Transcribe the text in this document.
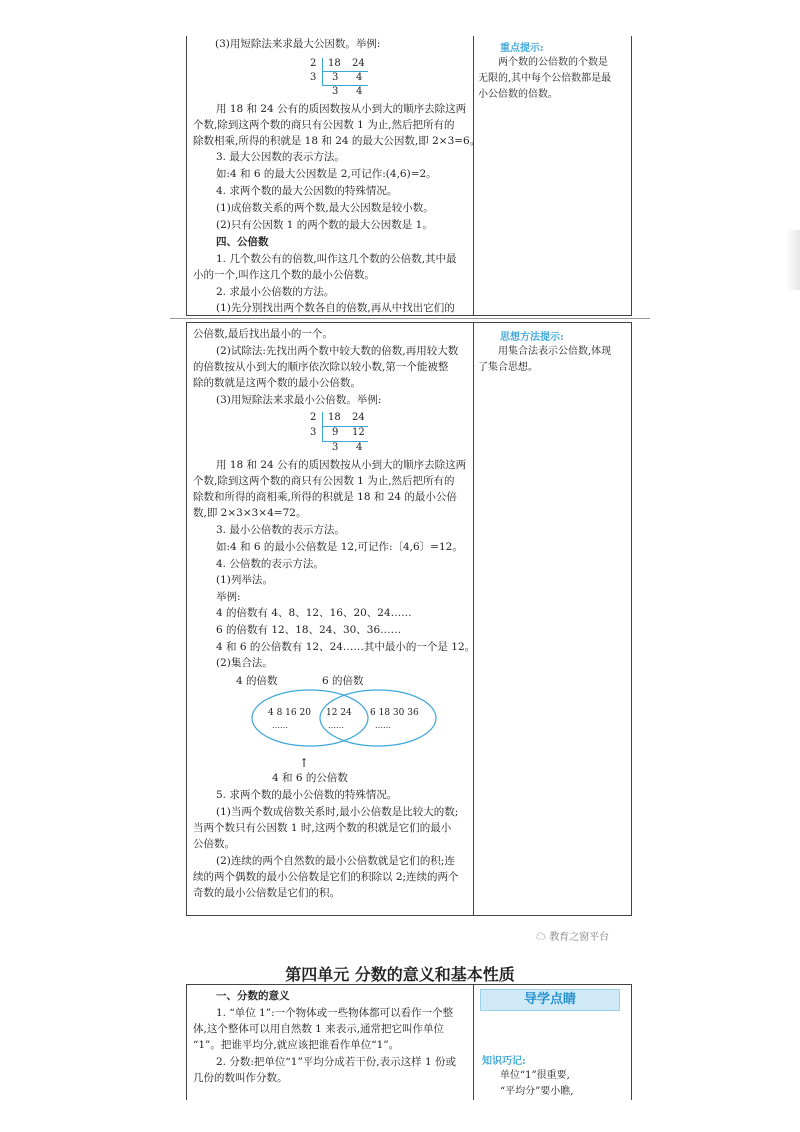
(3)用短除法来求最大公因数。举例:
2
3
18 24
3 4
3 4
用 18 和 24 公有的质因数按从小到大的顺序去除这两
个数,除到这两个数的商只有公因数 1 为止,然后把所有的
除数相乘,所得的积就是 18 和 24 的最大公因数,即 2×3=6。
3. 最大公因数的表示方法。
如:4 和 6 的最大公因数是 2,可记作:(4,6)=2。
4. 求两个数的最大公因数的特殊情况。
(1)成倍数关系的两个数,最大公因数是较小数。
(2)只有公因数 1 的两个数的最大公因数是 1。
四、公倍数
1. 几个数公有的倍数,叫作这几个数的公倍数,其中最
小的一个,叫作这几个数的最小公倍数。
2. 求最小公倍数的方法。
(1)先分别找出两个数各自的倍数,再从中找出它们的
重点提示:
两个数的公倍数的个数是
无限的,其中每个公倍数都是最
小公倍数的倍数。
公倍数,最后找出最小的一个。
(2)试除法:先找出两个数中较大数的倍数,再用较大数
的倍数按从小到大的顺序依次除以较小数,第一个能被整
除的数就是这两个数的最小公倍数。
(3)用短除法来求最小公倍数。举例:
2
3
18 24
9 12
3 4
用 18 和 24 公有的质因数按从小到大的顺序去除这两
个数,除到这两个数的商只有公因数 1 为止,然后把所有的
除数和所得的商相乘,所得的积就是 18 和 24 的最小公倍
数,即 2×3×3×4=72。
3. 最小公倍数的表示方法。
如:4 和 6 的最小公倍数是 12,可记作:〔4,6〕=12。
4. 公倍数的表示方法。
(1)列举法。
举例:
4 的倍数有 4、8、12、16、20、24……
6 的倍数有 12、18、24、30、36……
4 和 6 的公倍数有 12、24……其中最小的一个是 12。
(2)集合法。
4 的倍数	6 的倍数
4 8 16 20
……
12 24
……
6 18 30 36
……
↑
4 和 6 的公倍数
5. 求两个数的最小公倍数的特殊情况。
(1)当两个数成倍数关系时,最小公倍数是比较大的数;
当两个数只有公因数 1 时,这两个数的积就是它们的最小
公倍数。
(2)连续的两个自然数的最小公倍数就是它们的积;连
续的两个偶数的最小公倍数是它们的积除以 2;连续的两个
奇数的最小公倍数是它们的积。
思想方法提示:
用集合法表示公倍数,体现
了集合思想。
☁ 教育之窗平台
第四单元 分数的意义和基本性质
一、分数的意义
1. “单位 1”:一个物体或一些物体都可以看作一个整
体,这个整体可以用自然数 1 来表示,通常把它叫作单位
“1”。把谁平均分,就应该把谁看作单位“1”。
2. 分数:把单位“1”平均分成若干份,表示这样 1 份或
几份的数叫作分数。
导学点睛
知识巧记:
单位“1”很重要,
“平均分”要小瞧,
